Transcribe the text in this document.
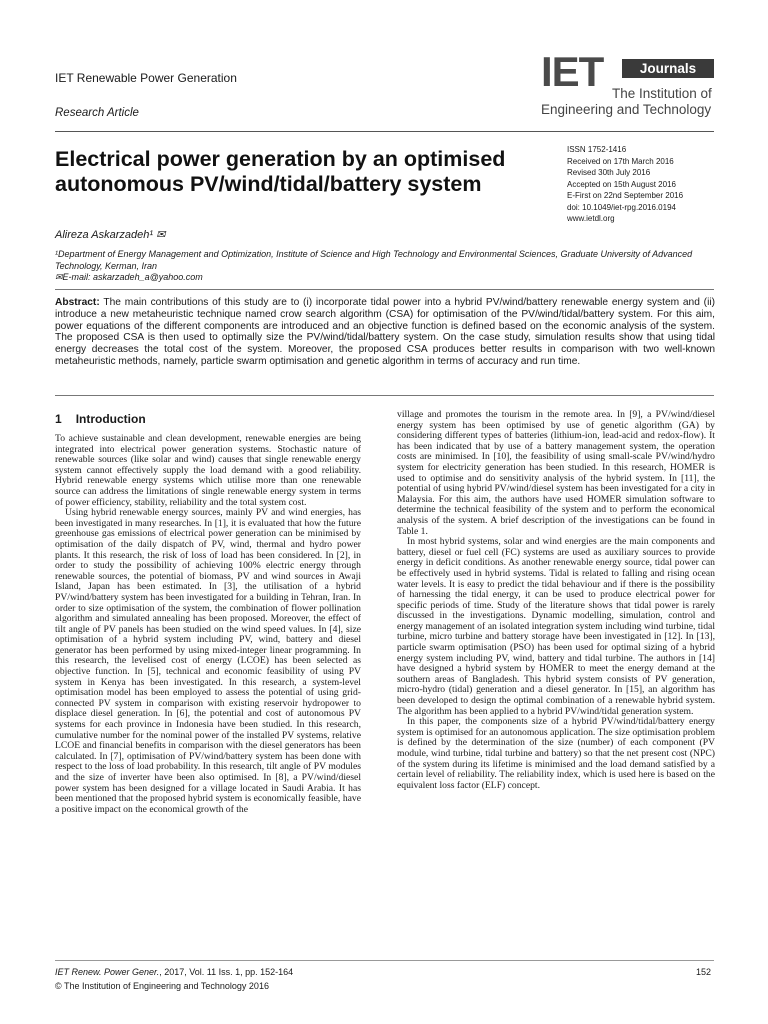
IET Renewable Power Generation
Research Article
IET	Journals
The Institution of
Engineering and Technology
Electrical power generation by an optimised autonomous PV/wind/tidal/battery system
ISSN 1752-1416
Received on 17th March 2016
Revised 30th July 2016
Accepted on 15th August 2016
E-First on 22nd September 2016
doi: 10.1049/iet-rpg.2016.0194
www.ietdl.org
Alireza Askarzadeh¹ ✉
¹Department of Energy Management and Optimization, Institute of Science and High Technology and Environmental Sciences, Graduate University of Advanced Technology, Kerman, Iran
✉E-mail: askarzadeh_a@yahoo.com
Abstract: The main contributions of this study are to (i) incorporate tidal power into a hybrid PV/wind/battery renewable energy system and (ii) introduce a new metaheuristic technique named crow search algorithm (CSA) for optimisation of the PV/wind/tidal/battery system. For this aim, power equations of the different components are introduced and an objective function is defined based on the economic analysis of the system. The proposed CSA is then used to optimally size the PV/wind/tidal/battery system. On the case study, simulation results show that using tidal energy decreases the total cost of the system. Moreover, the proposed CSA produces better results in comparison with two well-known metaheuristic methods, namely, particle swarm optimisation and genetic algorithm in terms of accuracy and run time.
1 Introduction

To achieve sustainable and clean development, renewable energies are being integrated into electrical power generation systems. Stochastic nature of renewable sources (like solar and wind) causes that single renewable energy system cannot effectively supply the load demand with a good reliability. Hybrid renewable energy systems which utilise more than one renewable source can address the limitations of single renewable energy system in terms of power efficiency, stability, reliability and the total system cost.

Using hybrid renewable energy sources, mainly PV and wind energies, has been investigated in many researches. In [1], it is evaluated that how the future greenhouse gas emissions of electrical power generation can be minimised by optimisation of the daily dispatch of PV, wind, thermal and hydro power plants. It this research, the risk of loss of load has been considered. In [2], in order to study the possibility of achieving 100% electric energy through renewable sources, the potential of biomass, PV and wind sources in Awaji Island, Japan has been estimated. In [3], the utilisation of a hybrid PV/wind/battery system has been investigated for a building in Tehran, Iran. In order to size optimisation of the system, the combination of flower pollination algorithm and simulated annealing has been proposed. Moreover, the effect of tilt angle of PV panels has been studied on the wind speed values. In [4], size optimisation of a hybrid system including PV, wind, battery and diesel generator has been performed by using mixed-integer linear programming. In this research, the levelised cost of energy (LCOE) has been selected as objective function. In [5], technical and economic feasibility of using PV system in Kenya has been investigated. In this research, a system-level optimisation model has been employed to assess the potential of using grid-connected PV system in comparison with existing reservoir hydropower to displace diesel generation. In [6], the potential and cost of autonomous PV systems for each province in Indonesia have been studied. In this research, cumulative number for the nominal power of the installed PV systems, relative LCOE and financial benefits in comparison with the diesel generators has been calculated. In [7], optimisation of PV/wind/battery system has been done with respect to the loss of load probability. In this research, tilt angle of PV modules and the size of inverter have been also optimised. In [8], a PV/wind/diesel power system has been designed for a village located in Saudi Arabia. It has been mentioned that the proposed hybrid system is economically feasible, have a positive impact on the economical growth of the

village and promotes the tourism in the remote area. In [9], a PV/wind/diesel energy system has been optimised by use of genetic algorithm (GA) by considering different types of batteries (lithium-ion, lead-acid and redox-flow). It has been indicated that by use of a battery management system, the operation costs are minimised. In [10], the feasibility of using small-scale PV/wind/hydro system for electricity generation has been studied. In this research, HOMER is used to optimise and do sensitivity analysis of the hybrid system. In [11], the potential of using hybrid PV/wind/diesel system has been investigated for a city in Malaysia. For this aim, the authors have used HOMER simulation software to determine the technical feasibility of the system and to perform the economical analysis of the system. A brief description of the investigations can be found in Table 1.

In most hybrid systems, solar and wind energies are the main components and battery, diesel or fuel cell (FC) systems are used as auxiliary sources to provide energy in deficit conditions. As another renewable energy source, tidal power can be effectively used in hybrid systems. Tidal is related to falling and rising ocean water levels. It is easy to predict the tidal behaviour and if there is the possibility of harnessing the tidal energy, it can be used to produce electrical power for specific periods of time. Study of the literature shows that tidal power is rarely discussed in the investigations. Dynamic modelling, simulation, control and energy management of an isolated integration system including wind turbine, tidal turbine, micro turbine and battery storage have been investigated in [12]. In [13], particle swarm optimisation (PSO) has been used for optimal sizing of a hybrid energy system including PV, wind, battery and tidal turbine. The authors in [14] have designed a hybrid system by HOMER to meet the energy demand at the southern areas of Bangladesh. This hybrid system consists of PV generation, micro-hydro (tidal) generation and a diesel generator. In [15], an algorithm has been developed to design the optimal combination of a renewable hybrid system. The algorithm has been applied to a hybrid PV/wind/tidal generation system.

In this paper, the components size of a hybrid PV/wind/tidal/battery energy system is optimised for an autonomous application. The size optimisation problem is defined by the determination of the size (number) of each component (PV module, wind turbine, tidal turbine and battery) so that the net present cost (NPC) of the system during its lifetime is minimised and the load demand satisfied by a certain level of reliability. The reliability index, which is used here is based on the equivalent loss factor (ELF) concept.

IET Renew. Power Gener., 2017, Vol. 11 Iss. 1, pp. 152-164
© The Institution of Engineering and Technology 2016
152
